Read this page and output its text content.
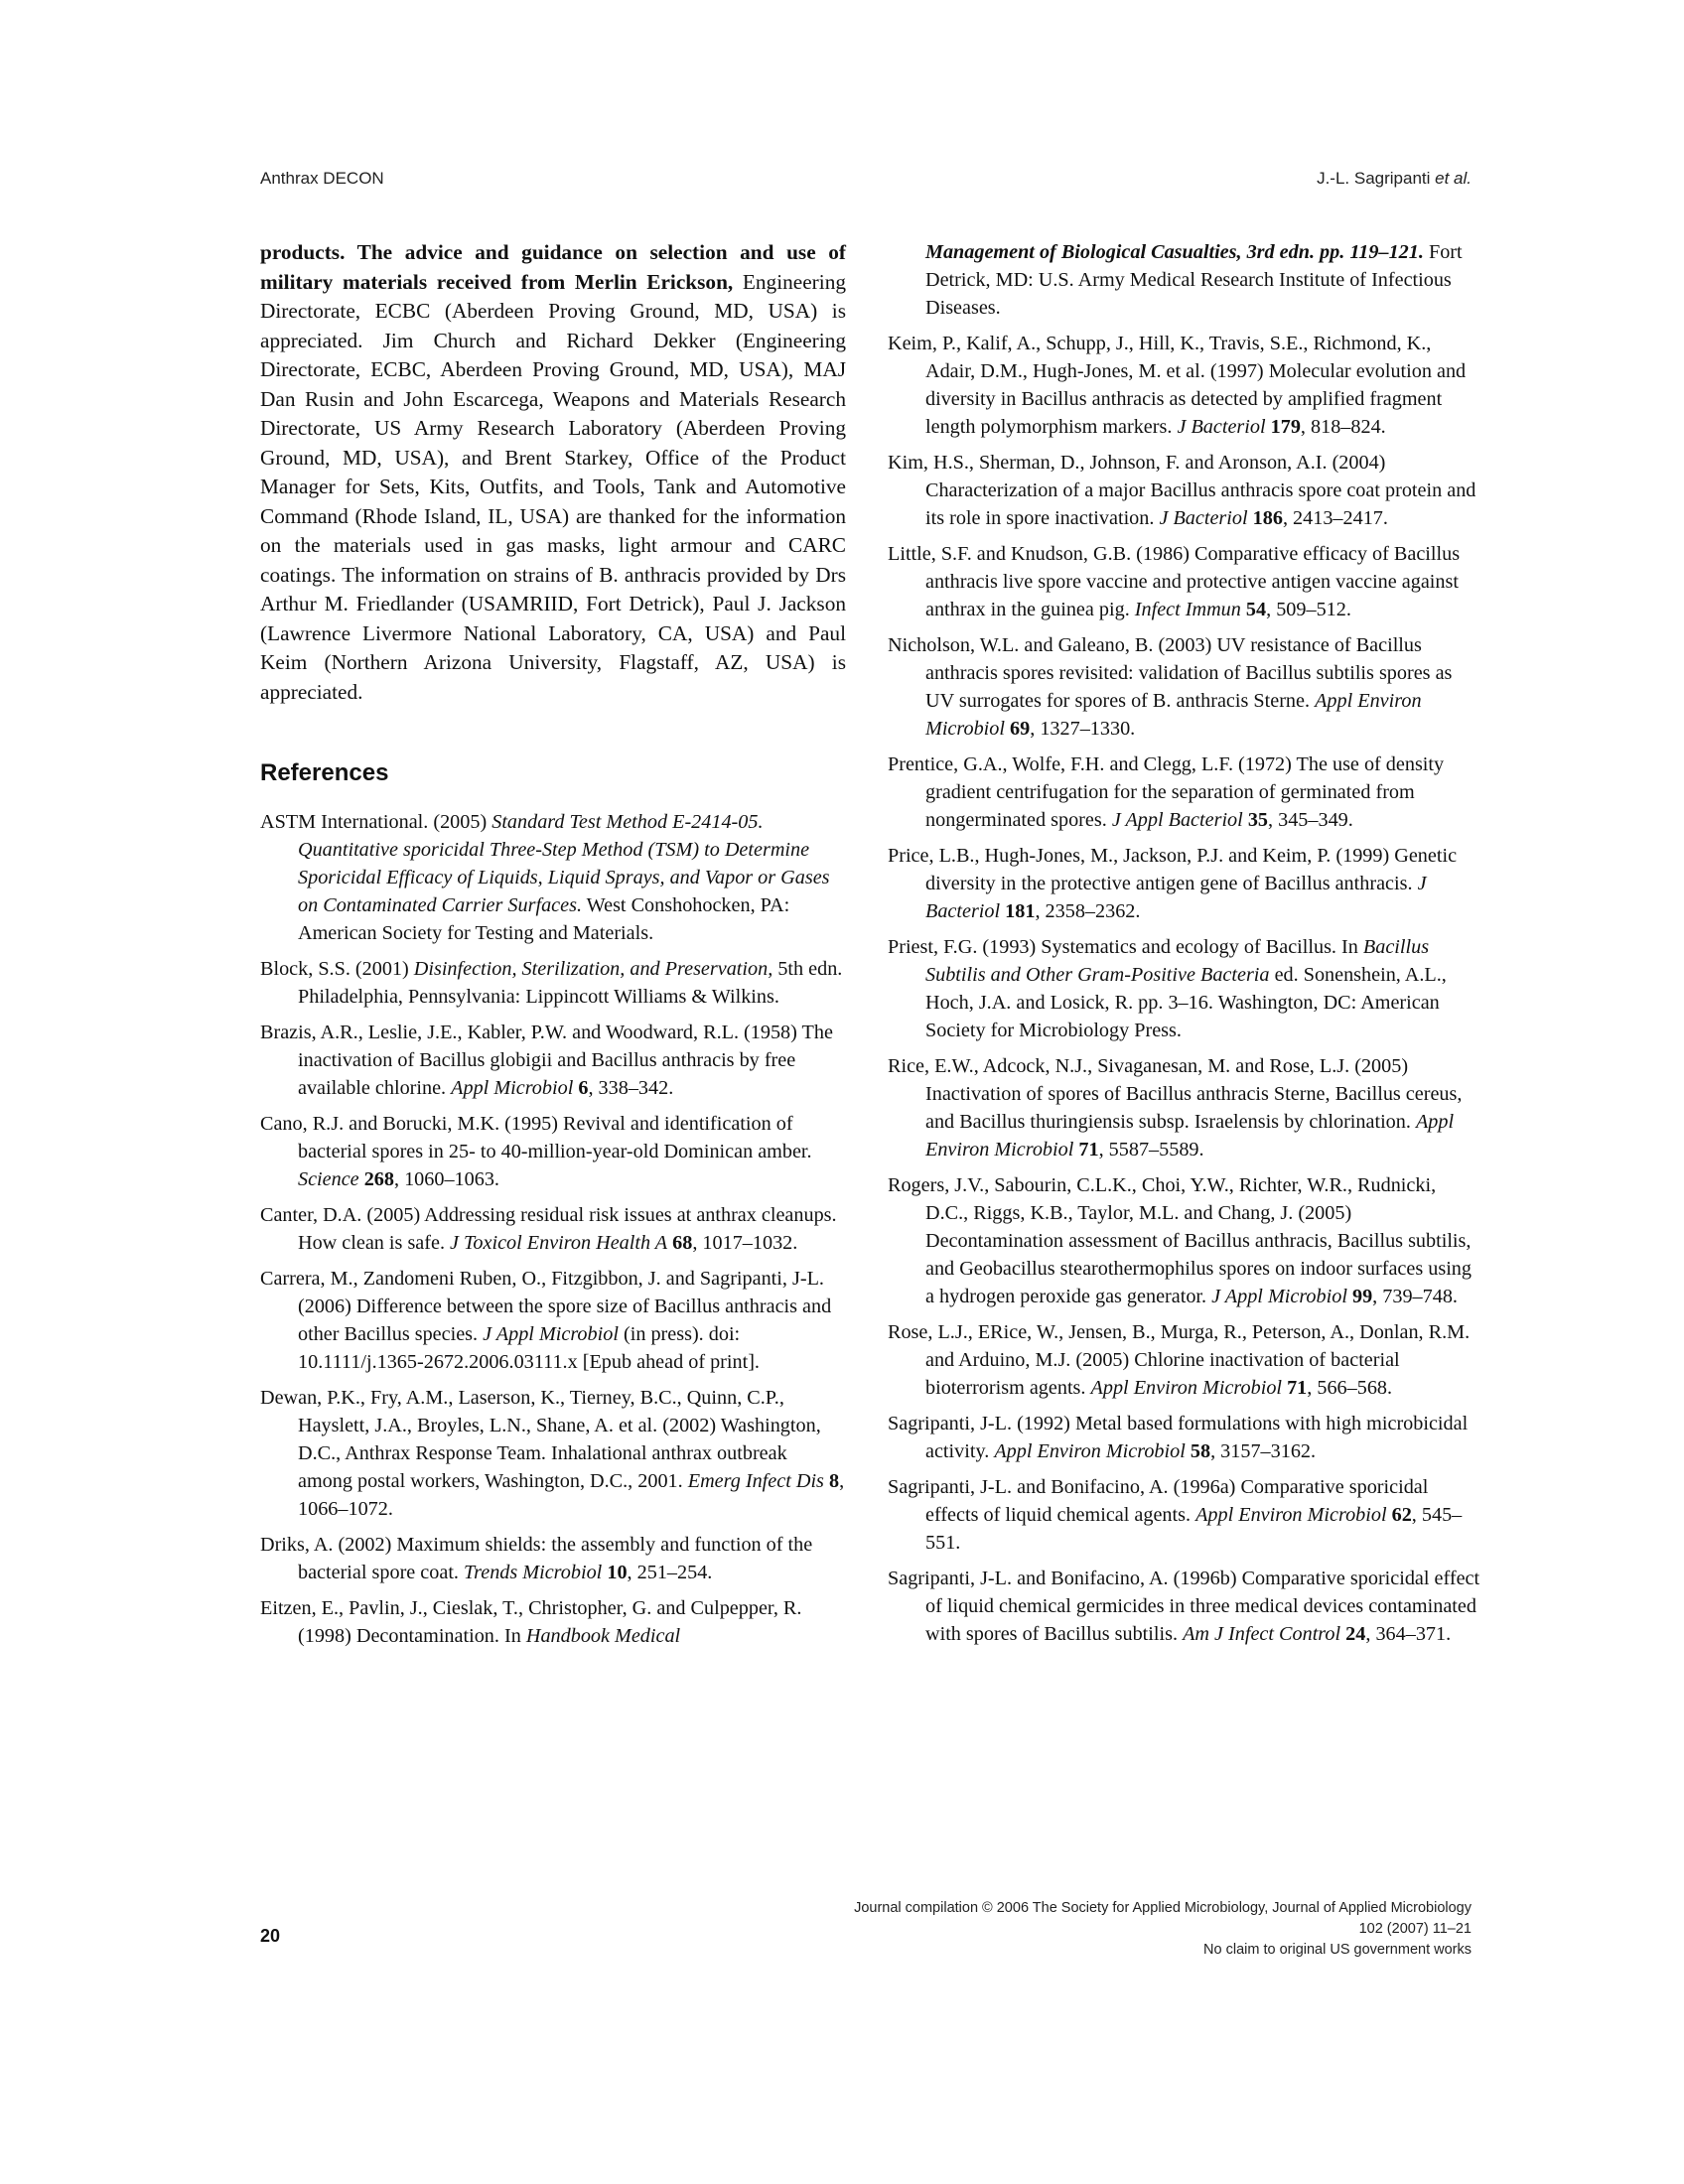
Anthrax DECON	J.-L. Sagripanti et al.

products. The advice and guidance on selection and use of military materials received from Merlin Erickson, Engineering Directorate, ECBC (Aberdeen Proving Ground, MD, USA) is appreciated. Jim Church and Richard Dekker (Engineering Directorate, ECBC, Aberdeen Proving Ground, MD, USA), MAJ Dan Rusin and John Escarcega, Weapons and Materials Research Directorate, US Army Research Laboratory (Aberdeen Proving Ground, MD, USA), and Brent Starkey, Office of the Product Manager for Sets, Kits, Outfits, and Tools, Tank and Automotive Command (Rhode Island, IL, USA) are thanked for the information on the materials used in gas masks, light armour and CARC coatings. The information on strains of B. anthracis provided by Drs Arthur M. Friedlander (USAMRIID, Fort Detrick), Paul J. Jackson (Lawrence Livermore National Laboratory, CA, USA) and Paul Keim (Northern Arizona University, Flagstaff, AZ, USA) is appreciated.

References

ASTM International. (2005) Standard Test Method E-2414-05. Quantitative sporicidal Three-Step Method (TSM) to Determine Sporicidal Efficacy of Liquids, Liquid Sprays, and Vapor or Gases on Contaminated Carrier Surfaces. West Conshohocken, PA: American Society for Testing and Materials.

Block, S.S. (2001) Disinfection, Sterilization, and Preservation, 5th edn. Philadelphia, Pennsylvania: Lippincott Williams & Wilkins.

Brazis, A.R., Leslie, J.E., Kabler, P.W. and Woodward, R.L. (1958) The inactivation of Bacillus globigii and Bacillus anthracis by free available chlorine. Appl Microbiol 6, 338–342.

Cano, R.J. and Borucki, M.K. (1995) Revival and identification of bacterial spores in 25- to 40-million-year-old Dominican amber. Science 268, 1060–1063.

Canter, D.A. (2005) Addressing residual risk issues at anthrax cleanups. How clean is safe. J Toxicol Environ Health A 68, 1017–1032.

Carrera, M., Zandomeni Ruben, O., Fitzgibbon, J. and Sagripanti, J-L. (2006) Difference between the spore size of Bacillus anthracis and other Bacillus species. J Appl Microbiol (in press). doi: 10.1111/j.1365-2672.2006.03111.x [Epub ahead of print].

Dewan, P.K., Fry, A.M., Laserson, K., Tierney, B.C., Quinn, C.P., Hayslett, J.A., Broyles, L.N., Shane, A. et al. (2002) Washington, D.C., Anthrax Response Team. Inhalational anthrax outbreak among postal workers, Washington, D.C., 2001. Emerg Infect Dis 8, 1066–1072.

Driks, A. (2002) Maximum shields: the assembly and function of the bacterial spore coat. Trends Microbiol 10, 251–254.

Eitzen, E., Pavlin, J., Cieslak, T., Christopher, G. and Culpepper, R. (1998) Decontamination. In Handbook Medical

Management of Biological Casualties, 3rd edn. pp. 119–121. Fort Detrick, MD: U.S. Army Medical Research Institute of Infectious Diseases.

Keim, P., Kalif, A., Schupp, J., Hill, K., Travis, S.E., Richmond, K., Adair, D.M., Hugh-Jones, M. et al. (1997) Molecular evolution and diversity in Bacillus anthracis as detected by amplified fragment length polymorphism markers. J Bacteriol 179, 818–824.

Kim, H.S., Sherman, D., Johnson, F. and Aronson, A.I. (2004) Characterization of a major Bacillus anthracis spore coat protein and its role in spore inactivation. J Bacteriol 186, 2413–2417.

Little, S.F. and Knudson, G.B. (1986) Comparative efficacy of Bacillus anthracis live spore vaccine and protective antigen vaccine against anthrax in the guinea pig. Infect Immun 54, 509–512.

Nicholson, W.L. and Galeano, B. (2003) UV resistance of Bacillus anthracis spores revisited: validation of Bacillus subtilis spores as UV surrogates for spores of B. anthracis Sterne. Appl Environ Microbiol 69, 1327–1330.

Prentice, G.A., Wolfe, F.H. and Clegg, L.F. (1972) The use of density gradient centrifugation for the separation of germinated from nongerminated spores. J Appl Bacteriol 35, 345–349.

Price, L.B., Hugh-Jones, M., Jackson, P.J. and Keim, P. (1999) Genetic diversity in the protective antigen gene of Bacillus anthracis. J Bacteriol 181, 2358–2362.

Priest, F.G. (1993) Systematics and ecology of Bacillus. In Bacillus Subtilis and Other Gram-Positive Bacteria ed. Sonenshein, A.L., Hoch, J.A. and Losick, R. pp. 3–16. Washington, DC: American Society for Microbiology Press.

Rice, E.W., Adcock, N.J., Sivaganesan, M. and Rose, L.J. (2005) Inactivation of spores of Bacillus anthracis Sterne, Bacillus cereus, and Bacillus thuringiensis subsp. Israelensis by chlorination. Appl Environ Microbiol 71, 5587–5589.

Rogers, J.V., Sabourin, C.L.K., Choi, Y.W., Richter, W.R., Rudnicki, D.C., Riggs, K.B., Taylor, M.L. and Chang, J. (2005) Decontamination assessment of Bacillus anthracis, Bacillus subtilis, and Geobacillus stearothermophilus spores on indoor surfaces using a hydrogen peroxide gas generator. J Appl Microbiol 99, 739–748.

Rose, L.J., ERice, W., Jensen, B., Murga, R., Peterson, A., Donlan, R.M. and Arduino, M.J. (2005) Chlorine inactivation of bacterial bioterrorism agents. Appl Environ Microbiol 71, 566–568.

Sagripanti, J-L. (1992) Metal based formulations with high microbicidal activity. Appl Environ Microbiol 58, 3157–3162.

Sagripanti, J-L. and Bonifacino, A. (1996a) Comparative sporicidal effects of liquid chemical agents. Appl Environ Microbiol 62, 545–551.

Sagripanti, J-L. and Bonifacino, A. (1996b) Comparative sporicidal effect of liquid chemical germicides in three medical devices contaminated with spores of Bacillus subtilis. Am J Infect Control 24, 364–371.

20
Journal compilation © 2006 The Society for Applied Microbiology, Journal of Applied Microbiology 102 (2007) 11–21
No claim to original US government works
